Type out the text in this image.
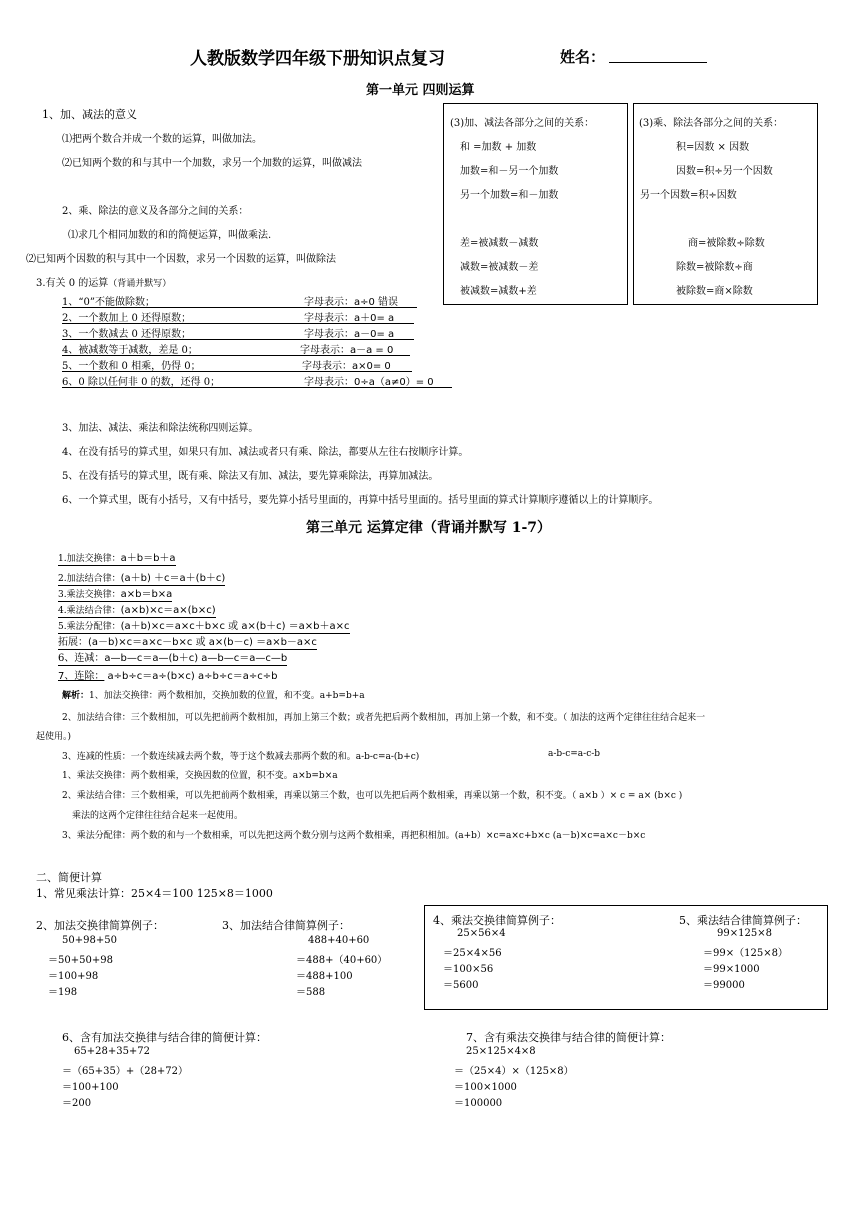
人教版数学四年级下册知识点复习	姓名：
第一单元 四则运算
1、加、减法的意义
⑴把两个数合并成一个数的运算，叫做加法。
⑵已知两个数的和与其中一个加数，求另一个加数的运算，叫做减法
2、乘、除法的意义及各部分之间的关系：
⑴求几个相同加数的和的简便运算，叫做乘法.
⑵已知两个因数的积与其中一个因数，求另一个因数的运算，叫做除法
3.有关 0 的运算（背诵并默写）
1、“0”不能做除数；	字母表示：a÷0 错误
2、一个数加上 0 还得原数；	字母表示：a＋0= a
3、一个数减去 0 还得原数；	字母表示：a－0= a
4、被减数等于减数，差是 0；	字母表示：a－a = 0
5、一个数和 0 相乘，仍得 0；	字母表示：a×0= 0
6、0 除以任何非 0 的数，还得 0；	字母表示：0÷a（a≠0）= 0
(3)加、减法各部分之间的关系：
和 =加数 + 加数
加数=和－另一个加数
另一个加数=和－加数
差=被减数－减数
减数=被减数－差
被减数=减数+差
(3)乘、除法各部分之间的关系：
积=因数 × 因数
因数=积÷另一个因数
另一个因数=积÷因数
商=被除数÷除数
除数=被除数÷商
被除数=商×除数
3、加法、减法、乘法和除法统称四则运算。
4、在没有括号的算式里，如果只有加、减法或者只有乘、除法，都要从左往右按顺序计算。
5、在没有括号的算式里，既有乘、除法又有加、减法，要先算乘除法，再算加减法。
6、一个算式里，既有小括号，又有中括号，要先算小括号里面的，再算中括号里面的。括号里面的算式计算顺序遵循以上的计算顺序。
第三单元 运算定律（背诵并默写 1-7）
1.加法交换律：a＋b＝b＋a
2.加法结合律：(a＋b) ＋c＝a＋(b＋c)
3.乘法交换律：a×b＝b×a
4.乘法结合律：(a×b)×c＝a×(b×c)
5.乘法分配律：(a＋b)×c＝a×c＋b×c 或 a×(b＋c) ＝a×b＋a×c
拓展：(a－b)×c＝a×c－b×c 或 a×(b－c) ＝a×b－a×c
6、连减：a—b—c＝a—(b＋c) a—b—c＝a—c—b
7、连除： a÷b÷c＝a÷(b×c) a÷b÷c＝a÷c÷b
解析：1、加法交换律：两个数相加，交换加数的位置，和不变。a+b=b+a
2、加法结合律：三个数相加，可以先把前两个数相加，再加上第三个数；或者先把后两个数相加，再加上第一个数，和不变。（ 加法的这两个定律往往结合起来一
起使用。)
3、连减的性质：一个数连续减去两个数，等于这个数减去那两个数的和。a-b-c=a-(b+c)	a-b-c=a-c-b
1、乘法交换律：两个数相乘，交换因数的位置，积不变。a×b=b×a
2、乘法结合律：三个数相乘，可以先把前两个数相乘，再乘以第三个数，也可以先把后两个数相乘，再乘以第一个数，积不变。（ a×b ）× c = a× (b×c )
乘法的这两个定律往往结合起来一起使用。
3、乘法分配律：两个数的和与一个数相乘，可以先把这两个数分别与这两个数相乘，再把积相加。(a+b）×c=a×c+b×c (a－b)×c=a×c－b×c
二、简便计算
1、常见乘法计算：25×4＝100 125×8＝1000
2、加法交换律简算例子：
50+98+50
＝50+50+98
＝100+98
＝198
3、加法结合律简算例子：
488+40+60
＝488+（40+60）
＝488+100
＝588
4、乘法交换律简算例子：
25×56×4
＝25×4×56
＝100×56
＝5600
5、乘法结合律简算例子：
99×125×8
＝99×（125×8）
＝99×1000
＝99000
6、含有加法交换律与结合律的简便计算：
65+28+35+72
＝（65+35）+（28+72）
＝100+100
＝200
7、含有乘法交换律与结合律的简便计算：
25×125×4×8
＝（25×4）×（125×8）
＝100×1000
＝100000
